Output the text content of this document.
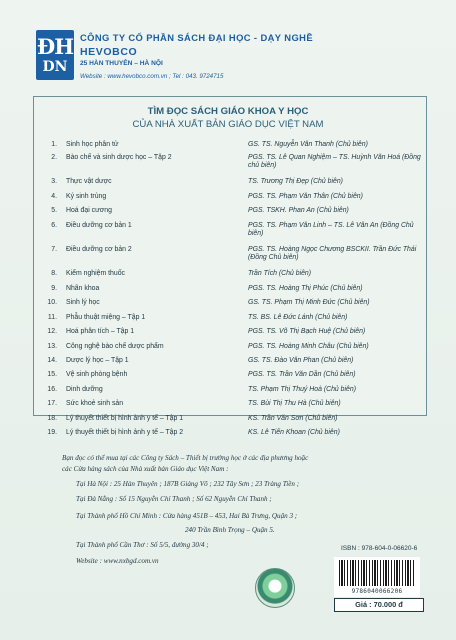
ĐH
DN
CÔNG TY CỔ PHẦN SÁCH ĐẠI HỌC - DẠY NGHỀ
HEVOBCO
25 HÀN THUYÊN – HÀ NỘI
Website : www.hevobco.com.vn ; Tel : 043. 9724715
TÌM ĐỌC SÁCH GIÁO KHOA Y HỌC
CỦA NHÀ XUẤT BẢN GIÁO DỤC VIỆT NAM
1. Sinh học phân tử	GS. TS. Nguyễn Văn Thanh (Chủ biên)
2. Bào chế và sinh dược học – Tập 2	PGS. TS. Lê Quan Nghiệm – TS. Huỳnh Văn Hoá (Đồng chủ biên)
3. Thực vật dược	TS. Trương Thị Đẹp (Chủ biên)
4. Ký sinh trùng	PGS. TS. Phạm Văn Thân (Chủ biên)
5. Hoá đại cương	PGS. TSKH. Phan An (Chủ biên)
6. Điều dưỡng cơ bản 1	PGS. TS. Phạm Văn Linh – TS. Lê Văn An (Đồng Chủ biên)
7. Điều dưỡng cơ bản 2	PGS. TS. Hoàng Ngọc Chương BSCKII. Trần Đức Thái (Đồng Chủ biên)
8. Kiểm nghiệm thuốc	Trần Tích (Chủ biên)
9. Nhãn khoa	PGS. TS. Hoàng Thị Phúc (Chủ biên)
10. Sinh lý học	GS. TS. Phạm Thị Minh Đức (Chủ biên)
11. Phẫu thuật miệng – Tập 1	TS. BS. Lê Đức Lánh (Chủ biên)
12. Hoá phân tích – Tập 1	PGS. TS. Võ Thị Bạch Huệ (Chủ biên)
13. Công nghệ bào chế dược phẩm	PGS. TS. Hoàng Minh Châu (Chủ biên)
14. Dược lý học – Tập 1	GS. TS. Đào Văn Phan (Chủ biên)
15. Vệ sinh phòng bệnh	PGS. TS. Trần Văn Dần (Chủ biên)
16. Dinh dưỡng	TS. Phạm Thị Thuý Hoà (Chủ biên)
17. Sức khoẻ sinh sản	TS. Bùi Thị Thu Hà (Chủ biên)
18. Lý thuyết thiết bị hình ảnh y tế – Tập 1	KS. Trần Văn Sơn (Chủ biên)
19. Lý thuyết thiết bị hình ảnh y tế – Tập 2	KS. Lê Tiến Khoan (Chủ biên)
Bạn đọc có thể mua tại các Công ty Sách – Thiết bị trường học ở các địa phương hoặc
các Cửa hàng sách của Nhà xuất bản Giáo dục Việt Nam :
Tại Hà Nội : 25 Hàn Thuyên ; 187B Giảng Võ ; 232 Tây Sơn ; 23 Tràng Tiền ;
Tại Đà Nẵng : Số 15 Nguyễn Chí Thanh ; Số 62 Nguyễn Chí Thanh ;
Tại Thành phố Hồ Chí Minh : Cửa hàng 451B – 453, Hai Bà Trưng, Quận 3 ;
240 Trần Bình Trọng – Quận 5.
Tại Thành phố Cần Thơ : Số 5/5, đường 30/4 ;
Website : www.nxbgd.com.vn
ISBN : 978-604-0-06620-6
9786040066206
Giá : 70.000 đ
